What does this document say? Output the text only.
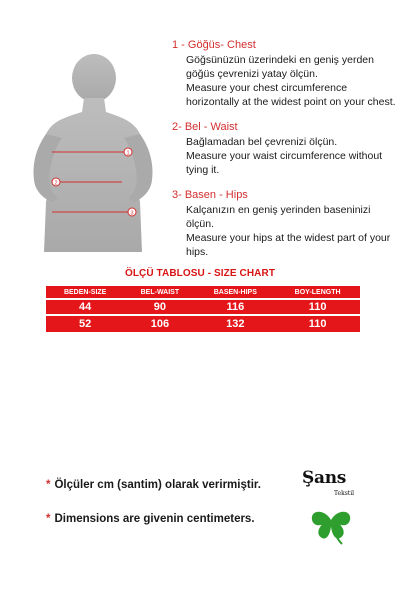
1
2
3
1 - Göğüs- Chest
Göğsünüzün üzerindeki en geniş yerden göğüs çevrenizi yatay ölçün.
Measure your chest circumference horizontally at the widest point on your chest.
2- Bel - Waist
Bağlamadan bel çevrenizi ölçün.
Measure your waist circumference without tying it.
3- Basen - Hips
Kalçanızın en geniş yerinden baseninizi ölçün.
Measure your hips at the widest part of your hips.
ÖLÇÜ TABLOSU - SIZE CHART
BEDEN-SIZE	BEL-WAIST	BASEN-HIPS	BOY-LENGTH
44	90	116	110
52	106	132	110
* Ölçüler cm (santim) olarak verirmiştir.
* Dimensions are givenin centimeters.
Şans
Tekstil
